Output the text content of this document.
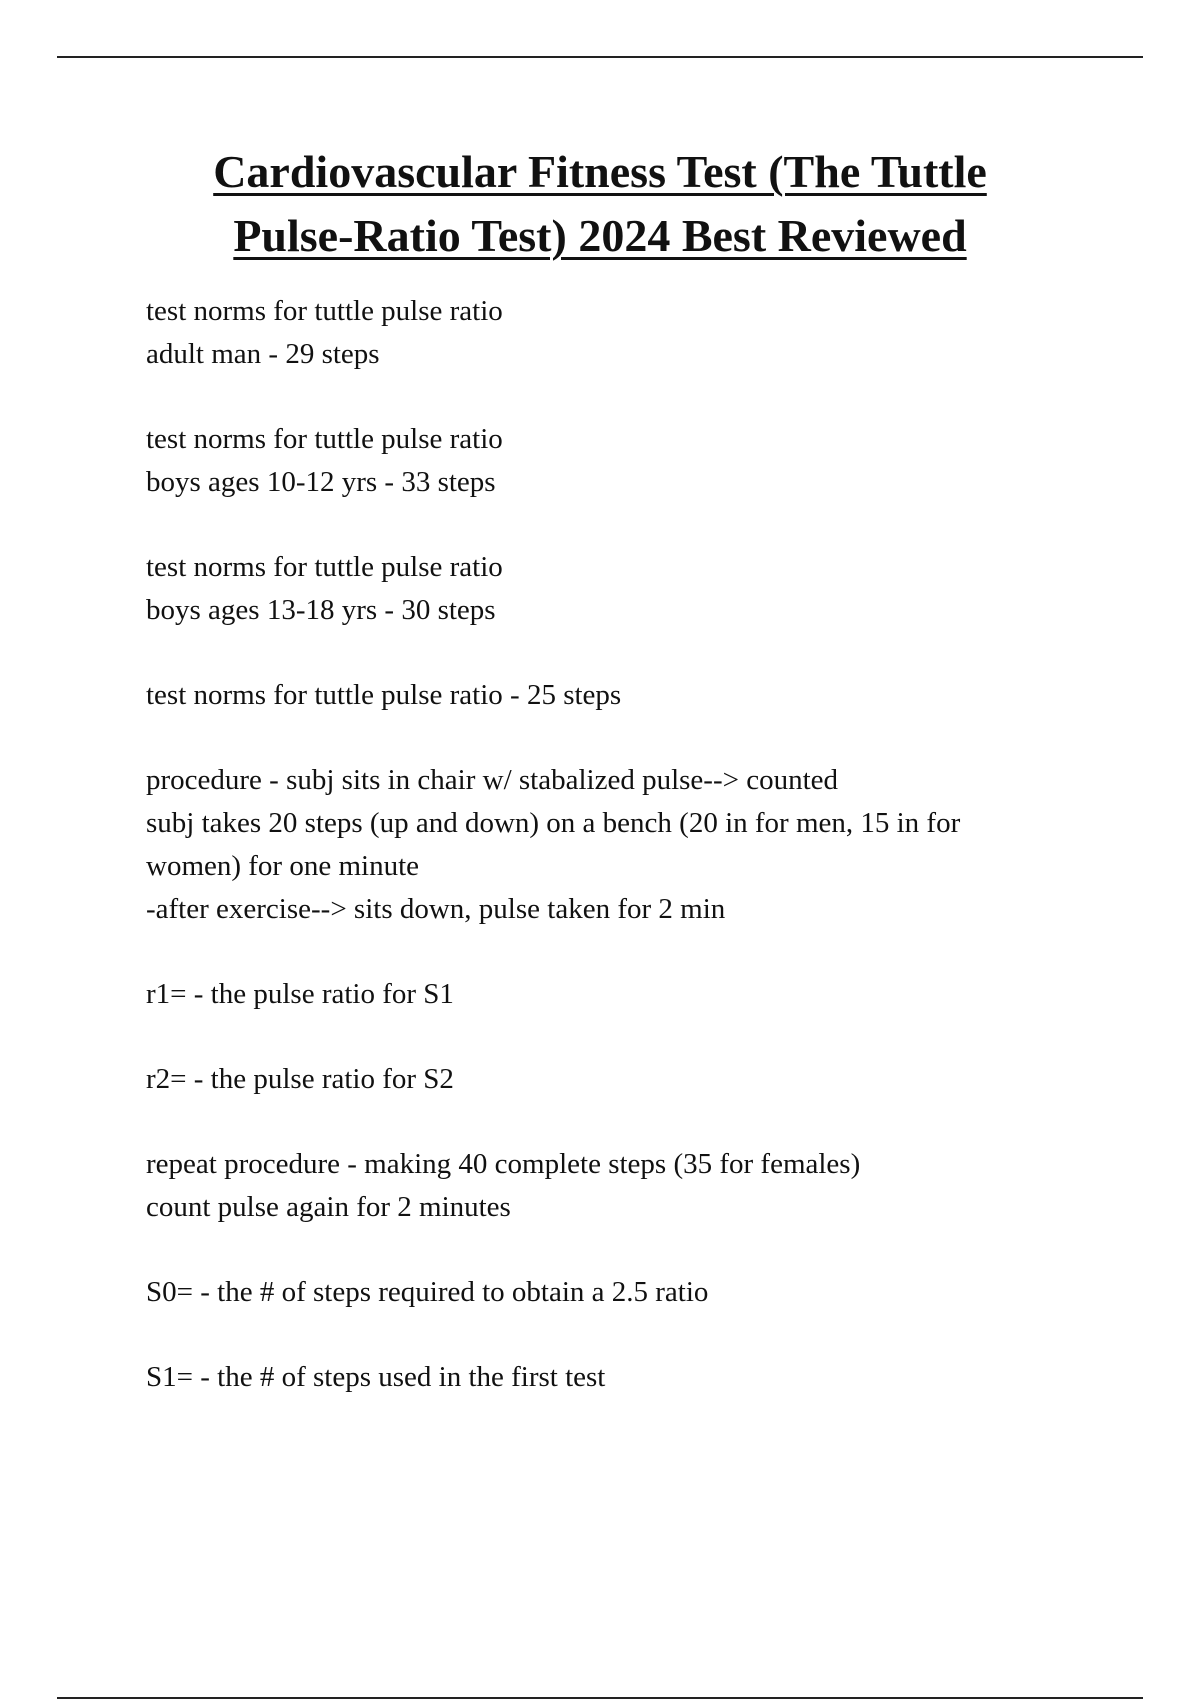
Cardiovascular Fitness Test (The Tuttle
Pulse-Ratio Test) 2024 Best Reviewed

test norms for tuttle pulse ratio
adult man - 29 steps

test norms for tuttle pulse ratio
boys ages 10-12 yrs - 33 steps

test norms for tuttle pulse ratio
boys ages 13-18 yrs - 30 steps

test norms for tuttle pulse ratio - 25 steps

procedure - subj sits in chair w/ stabalized pulse--> counted
subj takes 20 steps (up and down) on a bench (20 in for men, 15 in for
women) for one minute
-after exercise--> sits down, pulse taken for 2 min

r1= - the pulse ratio for S1

r2= - the pulse ratio for S2

repeat procedure - making 40 complete steps (35 for females)
count pulse again for 2 minutes

S0= - the # of steps required to obtain a 2.5 ratio

S1= - the # of steps used in the first test
